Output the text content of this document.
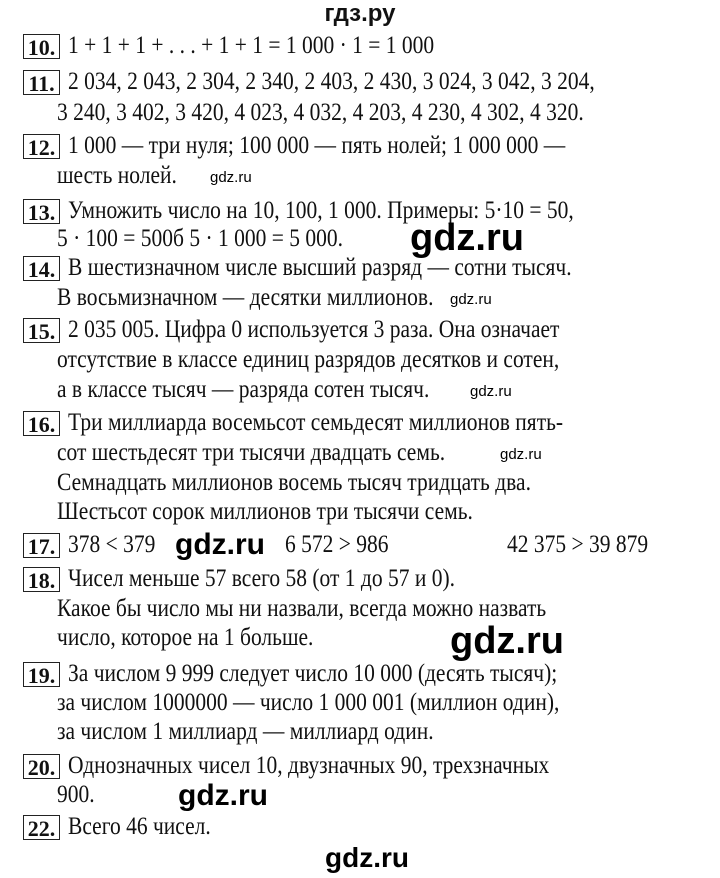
гдз.ру
10. 1 + 1 + 1 + . . . + 1 + 1 = 1 000 · 1 = 1 000
11. 2 034, 2 043, 2 304, 2 340, 2 403, 2 430, 3 024, 3 042, 3 204,
3 240, 3 402, 3 420, 4 023, 4 032, 4 203, 4 230, 4 302, 4 320.
12. 1 000 — три нуля; 100 000 — пять нолей; 1 000 000 —
шесть нолей.
13. Умножить число на 10, 100, 1 000. Примеры: 5·10 = 50,
5 · 100 = 500б 5 · 1 000 = 5 000.
14. В шестизначном числе высший разряд — сотни тысяч.
В восьмизначном — десятки миллионов.
15. 2 035 005. Цифра 0 используется 3 раза. Она означает
отсутствие в классе единиц разрядов десятков и сотен,
а в классе тысяч — разряда сотен тысяч.
16. Три миллиарда восемьсот семьдесят миллионов пять-
сот шестьдесят три тысячи двадцать семь.
Семнадцать миллионов восемь тысяч тридцать два.
Шестьсот сорок миллионов три тысячи семь.
17. 378 < 379	6 572 > 986	42 375 > 39 879
18. Чисел меньше 57 всего 58 (от 1 до 57 и 0).
Какое бы число мы ни назвали, всегда можно назвать
число, которое на 1 больше.
19. За числом 9 999 следует число 10 000 (десять тысяч);
за числом 1000000 — число 1 000 001 (миллион один),
за числом 1 миллиард — миллиард один.
20. Однозначных чисел 10, двузначных 90, трехзначных
900.
22. Всего 46 чисел.
gdz.ru
gdz.ru
gdz.ru
gdz.ru
gdz.ru
gdz.ru
gdz.ru
gdz.ru
gdz.ru
